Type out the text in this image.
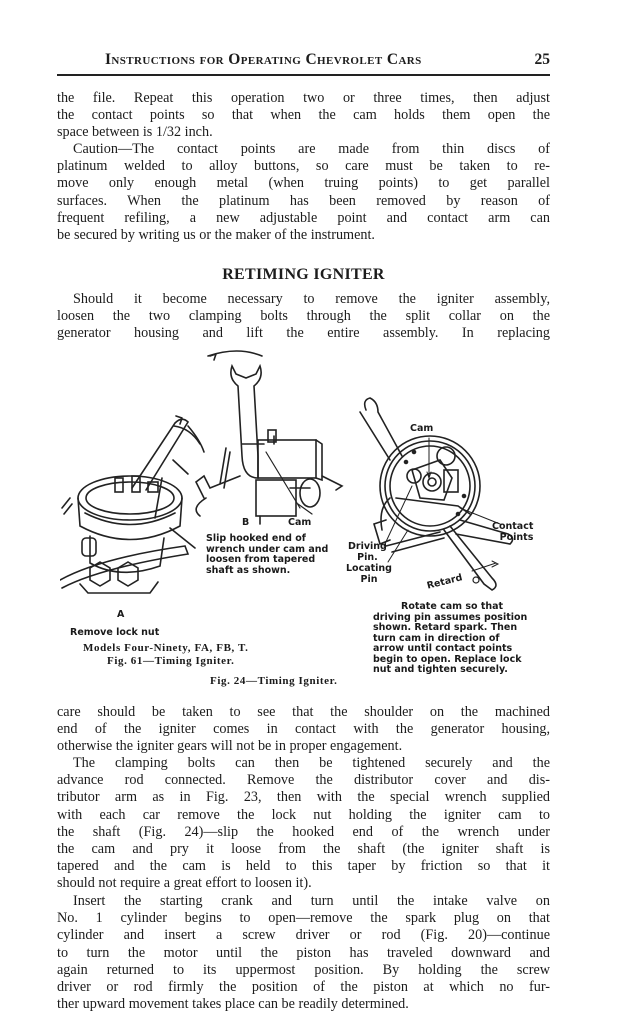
Instructions for Operating Chevrolet Cars	25
the file. Repeat this operation two or three times, then adjust
the contact points so that when the cam holds them open the
space between is 1/32 inch.
Caution—The contact points are made from thin discs of
platinum welded to alloy buttons, so care must be taken to re-
move only enough metal (when truing points) to get parallel
surfaces. When the platinum has been removed by reason of
frequent refiling, a new adjustable point and contact arm can
be secured by writing us or the maker of the instrument.
RETIMING IGNITER
Should it become necessary to remove the igniter assembly,
loosen the two clamping bolts through the split collar on the
generator housing and lift the entire assembly. In replacing
B	Cam
Slip hooked end of
wrench under cam and
loosen from tapered
shaft as shown.
Cam
Contact
Points
Driving
Pin.
Locating
Pin	Retard
Rotate cam so that
driving pin assumes position
shown. Retard spark. Then
turn cam in direction of
arrow until contact points
begin to open. Replace lock
nut and tighten securely.
A
Remove lock nut
Models Four-Ninety, FA, FB, T.
Fig. 61—Timing Igniter.
Fig. 24—Timing Igniter.
care should be taken to see that the shoulder on the machined
end of the igniter comes in contact with the generator housing,
otherwise the igniter gears will not be in proper engagement.
The clamping bolts can then be tightened securely and the
advance rod connected. Remove the distributor cover and dis-
tributor arm as in Fig. 23, then with the special wrench supplied
with each car remove the lock nut holding the igniter cam to
the shaft (Fig. 24)—slip the hooked end of the wrench under
the cam and pry it loose from the shaft (the igniter shaft is
tapered and the cam is held to this taper by friction so that it
should not require a great effort to loosen it).
Insert the starting crank and turn until the intake valve on
No. 1 cylinder begins to open—remove the spark plug on that
cylinder and insert a screw driver or rod (Fig. 20)—continue
to turn the motor until the piston has traveled downward and
again returned to its uppermost position. By holding the screw
driver or rod firmly the position of the piston at which no fur-
ther upward movement takes place can be readily determined.
